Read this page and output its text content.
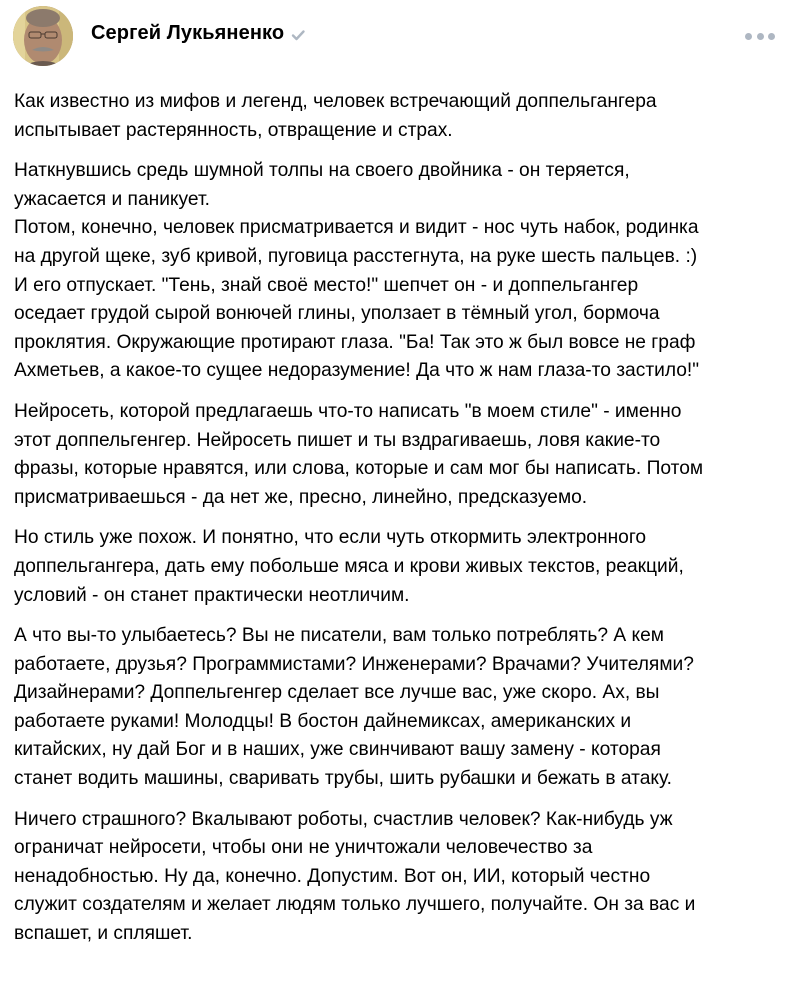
Сергей Лукьяненко

Как известно из мифов и легенд, человек встречающий доппельгангера
испытывает растерянность, отвращение и страх.

Наткнувшись средь шумной толпы на своего двойника - он теряется,
ужасается и паникует.
Потом, конечно, человек присматривается и видит - нос чуть набок, родинка
на другой щеке, зуб кривой, пуговица расстегнута, на руке шесть пальцев. :)
И его отпускает. "Тень, знай своё место!" шепчет он - и доппельгангер
оседает грудой сырой вонючей глины, уползает в тёмный угол, бормоча
проклятия. Окружающие протирают глаза. "Ба! Так это ж был вовсе не граф
Ахметьев, а какое-то сущее недоразумение! Да что ж нам глаза-то застило!"

Нейросеть, которой предлагаешь что-то написать "в моем стиле" - именно
этот доппельгенгер. Нейросеть пишет и ты вздрагиваешь, ловя какие-то
фразы, которые нравятся, или слова, которые и сам мог бы написать. Потом
присматриваешься - да нет же, пресно, линейно, предсказуемо.

Но стиль уже похож. И понятно, что если чуть откормить электронного
доппельгангера, дать ему побольше мяса и крови живых текстов, реакций,
условий - он станет практически неотличим.

А что вы-то улыбаетесь? Вы не писатели, вам только потреблять? А кем
работаете, друзья? Программистами? Инженерами? Врачами? Учителями?
Дизайнерами? Доппельгенгер сделает все лучше вас, уже скоро. Ах, вы
работаете руками! Молодцы! В бостон дайнемиксах, американских и
китайских, ну дай Бог и в наших, уже свинчивают вашу замену - которая
станет водить машины, сваривать трубы, шить рубашки и бежать в атаку.

Ничего страшного? Вкалывают роботы, счастлив человек? Как-нибудь уж
ограничат нейросети, чтобы они не уничтожали человечество за
ненадобностью. Ну да, конечно. Допустим. Вот он, ИИ, который честно
служит создателям и желает людям только лучшего, получайте. Он за вас и
вспашет, и спляшет.
